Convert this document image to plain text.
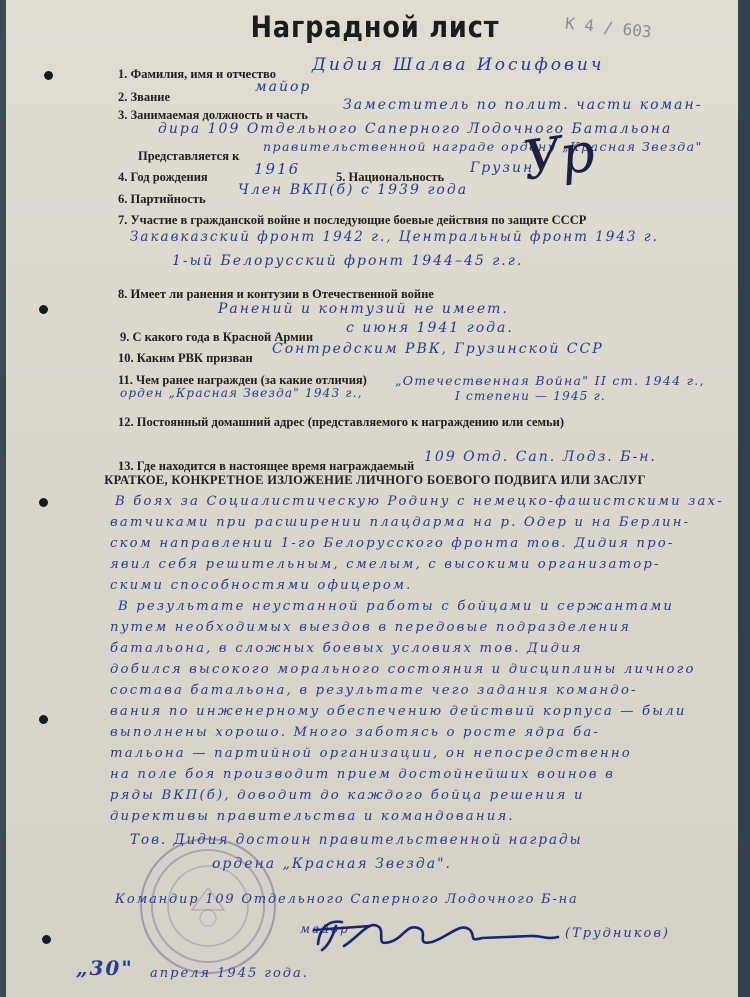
Наградной лист	К 4 / 603
1. Фамилия, имя и отчество Дидия Шалва Иосифович
2. Звание
майор
3. Занимаемая должность и часть
Заместитель по полит. части коман-
дира 109 Отдельного Саперного Лодочного Батальона
Представляется к
правительственной награде ордену „Красная Звезда"
4. Год рождения	1916	5. Национальность
Грузин
6. Партийность
Член ВКП(б) с 1939 года
7. Участие в гражданской войне и последующие боевые действия по защите СССР
Закавказский фронт 1942 г., Центральный фронт 1943 г.
1-ый Белорусский фронт 1944–45 г.г.
8. Имеет ли ранения и контузии в Отечественной войне
Ранений и контузий не имеет.
9. С какого года в Красной Армии
с июня 1941 года.
10. Каким РВК призван
Сонтредским РВК, Грузинской ССР
11. Чем ранее награжден (за какие отличия) „Отечественная Война" II ст. 1944 г.,
орден „Красная Звезда" 1943 г.,	I степени — 1945 г.
12. Постоянный домашний адрес (представляемого к награждению или семьи)
13. Где находится в настоящее время награждаемый
109 Отд. Сап. Лодз. Б-н.
Ур
КРАТКОЕ, КОНКРЕТНОЕ ИЗЛОЖЕНИЕ ЛИЧНОГО БОЕВОГО ПОДВИГА ИЛИ ЗАСЛУГ
В боях за Социалистическую Родину с немецко-фашистскими зах-
ватчиками при расширении плацдарма на р. Одер и на Берлин-
ском направлении 1-го Белорусского фронта тов. Дидия про-
явил себя решительным, смелым, с высокими организатор-
скими способностями офицером.
В результате неустанной работы с бойцами и сержантами
путем необходимых выездов в передовые подразделения
батальона, в сложных боевых условиях тов. Дидия
добился высокого морального состояния и дисциплины личного
состава батальона, в результате чего задания командо-
вания по инженерному обеспечению действий корпуса — были
выполнены хорошо. Много заботясь о росте ядра ба-
тальона — партийной организации, он непосредственно
на поле боя производит прием достойнейших воинов в
ряды ВКП(б), доводит до каждого бойца решения и
директивы правительства и командования.
Тов. Дидия достоин правительственной награды
ордена „Красная Звезда".
Командир 109 Отдельного Саперного Лодочного Б-на
майор	(Трудников)
„30" апреля 1945 года.
